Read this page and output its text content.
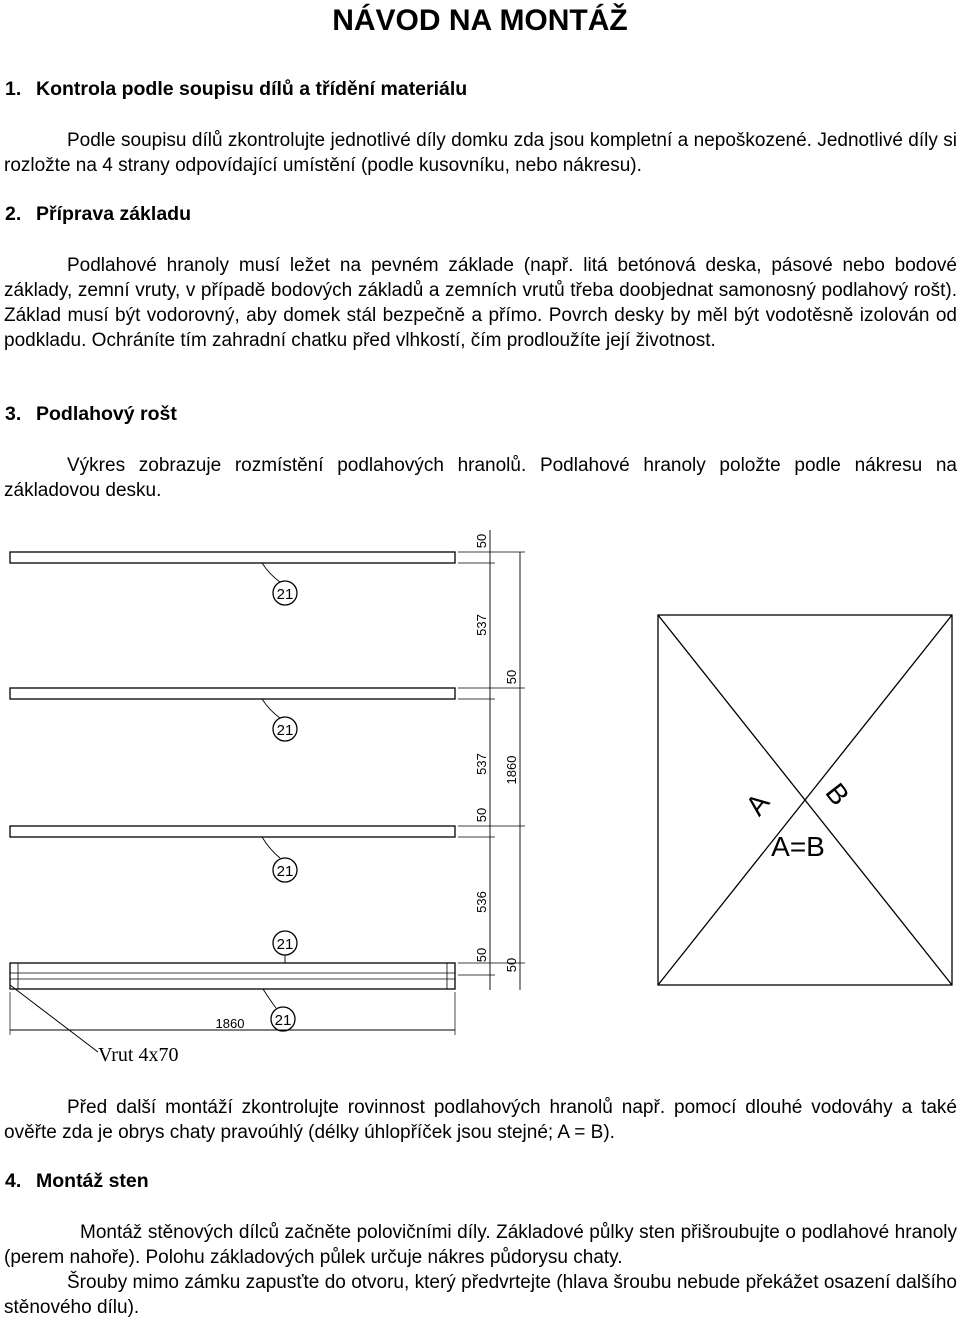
NÁVOD NA MONTÁŽ
1. Kontrola podle soupisu dílů a třídění materiálu

Podle soupisu dílů zkontrolujte jednotlivé díly domku zda jsou kompletní a nepoškozené. Jednotlivé díly si rozložte na 4 strany odpovídající umístění (podle kusovníku, nebo nákresu).

2. Příprava základu

Podlahové hranoly musí ležet na pevném základe (např. litá betónová deska, pásové nebo bodové základy, zemní vruty, v případě bodových základů a zemních vrutů třeba doobjednat samonosný podlahový rošt). Základ musí být vodorovný, aby domek stál bezpečně a přímo. Povrch desky by měl být vodotěsně izolován od podkladu. Ochráníte tím zahradní chatku před vlhkostí, čím prodloužíte její životnost.

3. Podlahový rošt

Výkres zobrazuje rozmístění podlahových hranolů. Podlahové hranoly položte podle nákresu na základovou desku.

21
21
21
21
21
50
537
50
537 1860
50
536
50
50
1860
A B
A=B
Vrut 4x70

Před další montáží zkontrolujte rovinnost podlahových hranolů např. pomocí dlouhé vodováhy a také ověřte zda je obrys chaty pravoúhlý (délky úhlopříček jsou stejné; A = B).

4. Montáž sten

Montáž stěnových dílců začněte polovičními díly. Základové půlky sten přišroubujte o podlahové hranoly (perem nahoře). Polohu základových půlek určuje nákres půdorysu chaty.

Šrouby mimo zámku zapusťte do otvoru, který předvrtejte (hlava šroubu nebude překážet osazení dalšího stěnového dílu).
